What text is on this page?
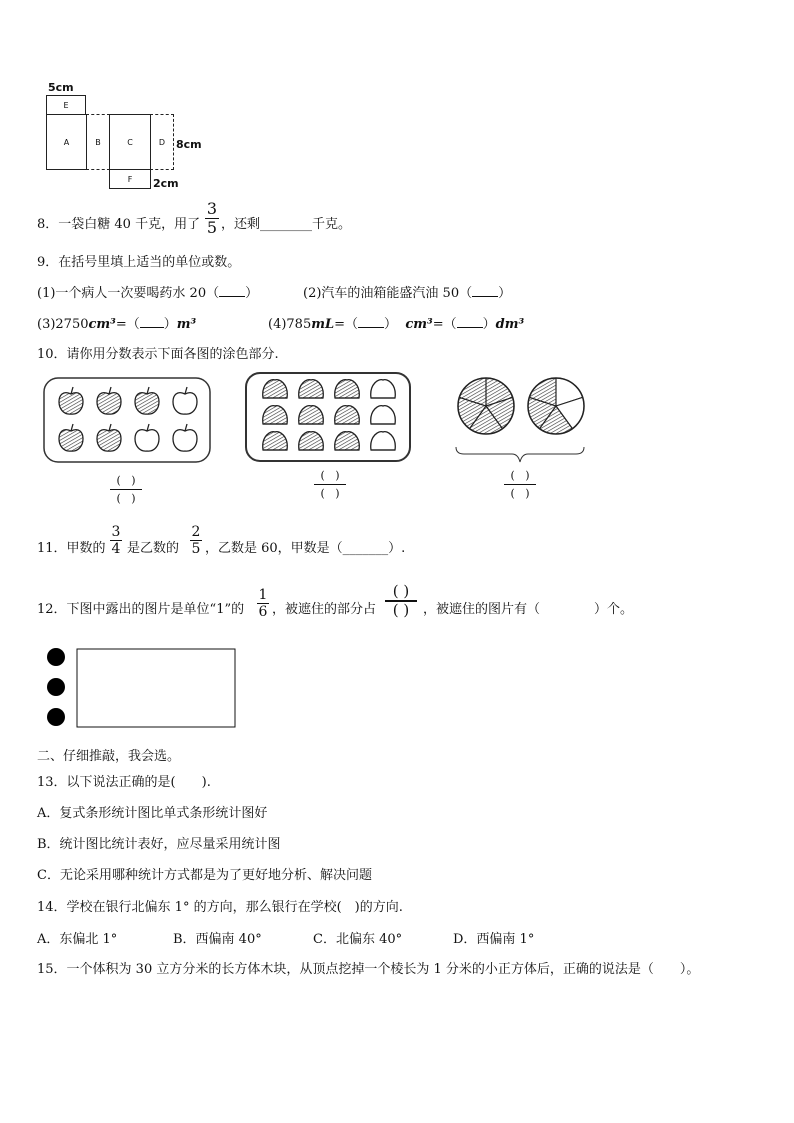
5cm
E
A	B	C	D
F
8cm
2cm
8．一袋白糖 40 千克，用了
3
5 ，还剩________千克。
9．在括号里填上适当的单位或数。
(1)一个病人一次要喝药水 20（ ）	(2)汽车的油箱能盛汽油 50（ ）
(3)2750cm³=（ ）m³	(4)785mL=（ ） cm³=（ ）dm³
10．请你用分数表示下面各图的涂色部分.
( )
( )
( )
( )
( )
( )
11．甲数的
3
4 是乙数的
2
5 ，乙数是 60，甲数是（_______）.
12．下图中露出的图片是单位“1”的
1
6 ，被遮住的部分占
( )
( )	，被遮住的图片有（	）个。
二、仔细推敲，我会选。
13．以下说法正确的是(　　).
A．复式条形统计图比单式条形统计图好
B．统计图比统计表好，应尽量采用统计图
C．无论采用哪种统计方式都是为了更好地分析、解决问题
14．学校在银行北偏东 1° 的方向，那么银行在学校(　)的方向.
A．东偏北 1°	B．西偏南 40°	C．北偏东 40°	D．西偏南 1°
15．一个体积为 30 立方分米的长方体木块，从顶点挖掉一个棱长为 1 分米的小正方体后，正确的说法是（　　）。
